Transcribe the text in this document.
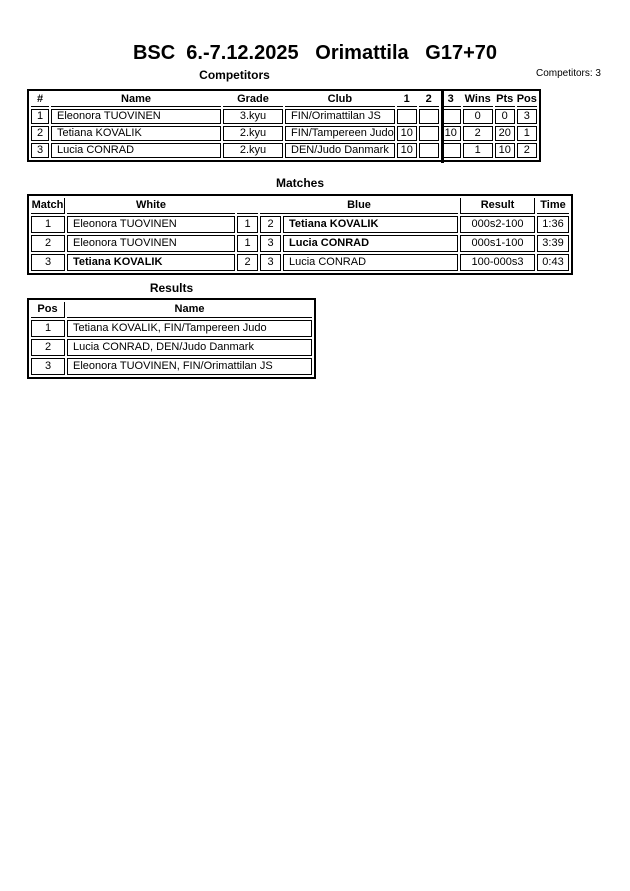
BSC  6.-7.12.2025   Orimattila   G17+70
Competitors	Competitors: 3
#	Name	Grade	Club	1	2	3	Wins	Pts	Pos
1	Eleonora TUOVINEN	3.kyu	FIN/Orimattilan JS				0	0	3
2	Tetiana KOVALIK	2.kyu	FIN/Tampereen Judo	10		10	2	20	1
3	Lucia CONRAD	2.kyu	DEN/Judo Danmark	10			1	10	2
Matches
Match	White		Blue		Result	Time
1	Eleonora TUOVINEN	1	2	Tetiana KOVALIK	000s2-100	1:36
2	Eleonora TUOVINEN	1	3	Lucia CONRAD	000s1-100	3:39
3	Tetiana KOVALIK	2	3	Lucia CONRAD	100-000s3	0:43
Results
Pos	Name
1	Tetiana KOVALIK, FIN/Tampereen Judo
2	Lucia CONRAD, DEN/Judo Danmark
3	Eleonora TUOVINEN, FIN/Orimattilan JS
